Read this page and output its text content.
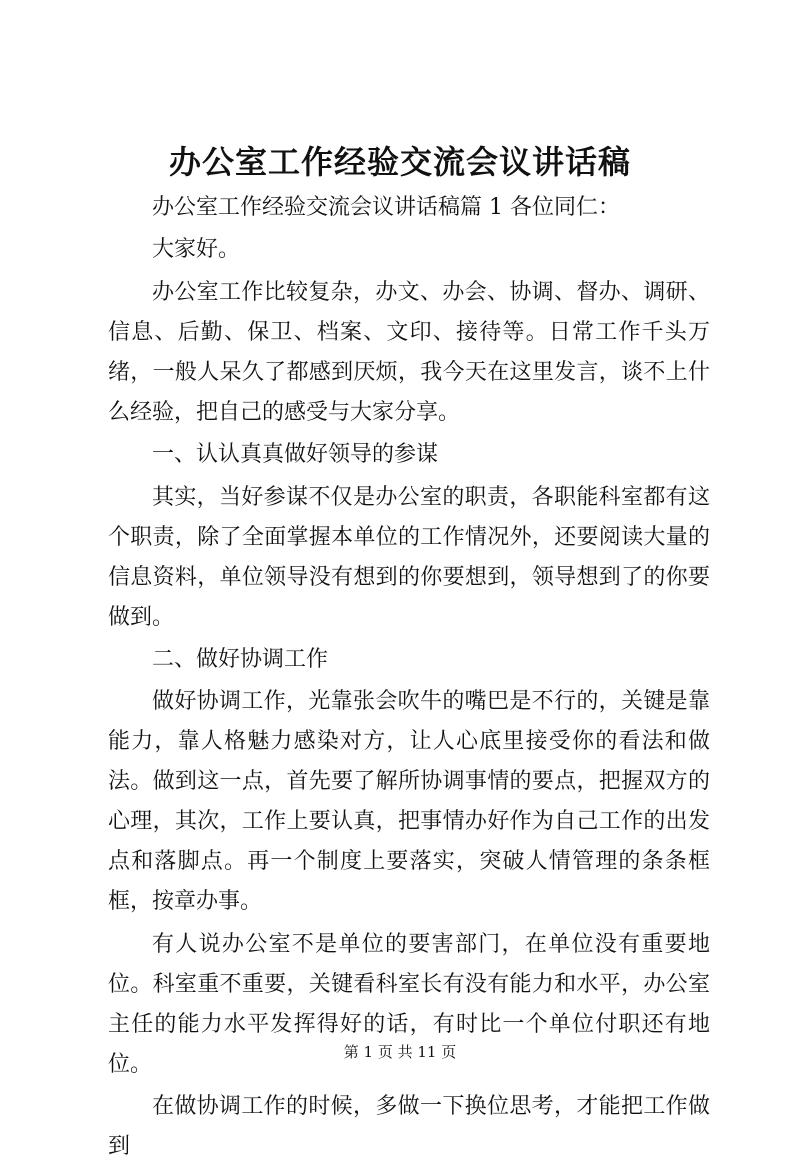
办公室工作经验交流会议讲话稿

办公室工作经验交流会议讲话稿篇 1 各位同仁：

大家好。

办公室工作比较复杂，办文、办会、协调、督办、调研、信息、后勤、保卫、档案、文印、接待等。日常工作千头万绪，一般人呆久了都感到厌烦，我今天在这里发言，谈不上什么经验，把自己的感受与大家分享。

一、认认真真做好领导的参谋

其实，当好参谋不仅是办公室的职责，各职能科室都有这个职责，除了全面掌握本单位的工作情况外，还要阅读大量的信息资料，单位领导没有想到的你要想到，领导想到了的你要做到。

二、做好协调工作

做好协调工作，光靠张会吹牛的嘴巴是不行的，关键是靠能力，靠人格魅力感染对方，让人心底里接受你的看法和做法。做到这一点，首先要了解所协调事情的要点，把握双方的心理，其次，工作上要认真，把事情办好作为自己工作的出发点和落脚点。再一个制度上要落实，突破人情管理的条条框框，按章办事。

有人说办公室不是单位的要害部门，在单位没有重要地位。科室重不重要，关键看科室长有没有能力和水平，办公室主任的能力水平发挥得好的话，有时比一个单位付职还有地位。

在做协调工作的时候，多做一下换位思考，才能把工作做到

第 1 页 共 11 页
